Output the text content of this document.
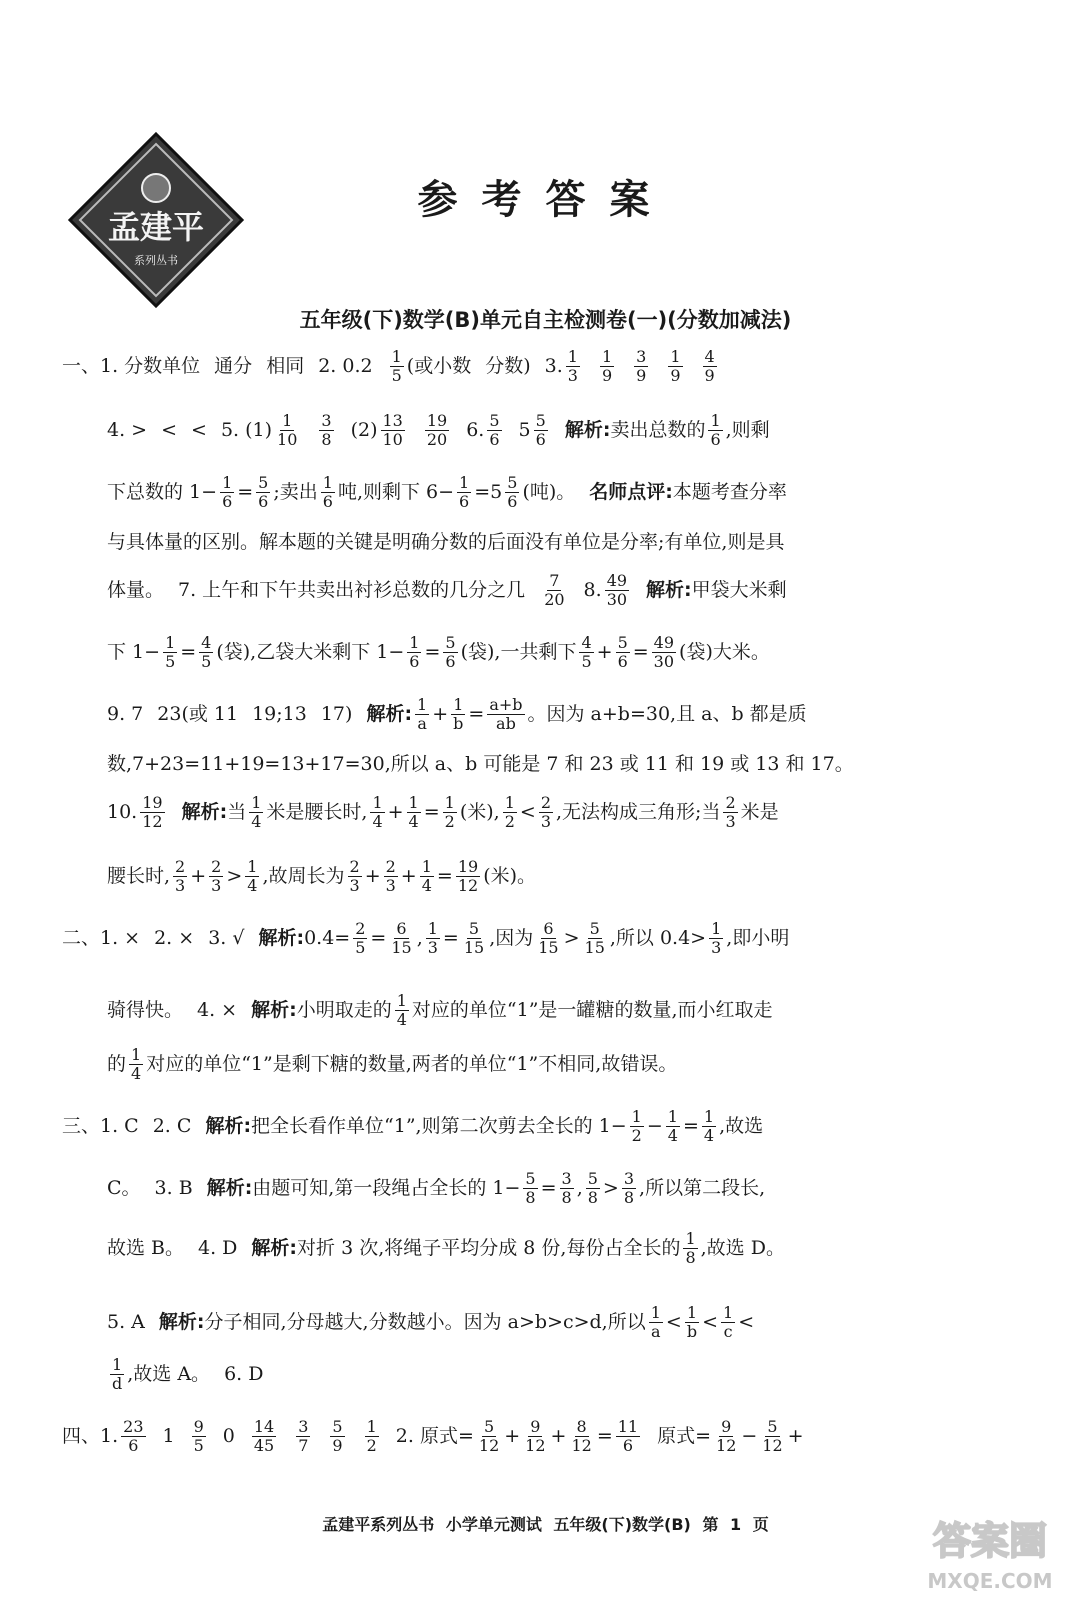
孟建平
系列丛书
参考答案
五年级(下)数学(B)单元自主检测卷(一)(分数加减法)
一、1. 分数单位 通分 相同 2. $0.2 \frac{1}{5}$ (或小数 分数) 3. $\frac{1}{3} \frac{1}{9} \frac{3}{9} \frac{1}{9} \frac{4}{9}$
4. > < < 5. $(1) \frac{1}{10} \frac{3}{8} (2) \frac{13}{10} \frac{19}{20} 6$. $\frac{5}{6} 5 \frac{5}{6}$ 解析: 卖出总数的 $\frac{1}{6}$ ,则剩
下总数的 $1- \frac{1}{6} = \frac{5}{6}$ ;卖出 $\frac{1}{6}$ 吨,则剩下 $6- \frac{1}{6} =5 \frac{5}{6}$ (吨)。 名师点评: 本题考查分率
与具体量的区别。解本题的关键是明确分数的后面没有单位是分率;有单位,则是具
体量。 7. 上午和下午共卖出衬衫总数的几分之几 $\frac{7}{20} 8$. $\frac{49}{30}$ 解析: 甲袋大米剩
下 $1- \frac{1}{5} = \frac{4}{5}$ (袋),乙袋大米剩下 $1- \frac{1}{6} = \frac{5}{6}$ (袋),一共剩下 $\frac{4}{5} + \frac{5}{6} = \frac{49}{30}$ (袋)大米。
9. 7 23(或 11 19;13 17) 解析: $\frac{1}{a} + \frac{1}{b} = \frac{a+b}{ab}$ 。因为 a+b=30,且 a、b 都是质
数,7+23=11+19=13+17=30,所以 a、b 可能是 7 和 23 或 11 和 19 或 13 和 17。
10. $\frac{19}{12}$ 解析: 当 $\frac{1}{4}$ 米是腰长时, $\frac{1}{4} + \frac{1}{4} = \frac{1}{2}$ (米), $\frac{1}{2} < \frac{2}{3}$ ,无法构成三角形;当 $\frac{2}{3}$ 米是
腰长时, $\frac{2}{3} + \frac{2}{3} > \frac{1}{4}$ ,故周长为 $\frac{2}{3} + \frac{2}{3} + \frac{1}{4} = \frac{19}{12}$ (米)。
二、1. × 2. × 3. √ 解析: $0.4= \frac{2}{5} = \frac{6}{15}$ , $\frac{1}{3} = \frac{5}{15}$ ,因为 $\frac{6}{15} > \frac{5}{15}$ ,所以 $0.4> \frac{1}{3}$ ,即小明
骑得快。 4. × 解析: 小明取走的 $\frac{1}{4}$ 对应的单位“1”是一罐糖的数量,而小红取走
的 $\frac{1}{4}$ 对应的单位“1”是剩下糖的数量,两者的单位“1”不相同,故错误。
三、1. C 2. C 解析: 把全长看作单位“1”,则第二次剪去全长的 $1- \frac{1}{2} - \frac{1}{4} = \frac{1}{4}$ ,故选
C。 3. B 解析: 由题可知,第一段绳占全长的 $1- \frac{5}{8} = \frac{3}{8}$ , $\frac{5}{8} > \frac{3}{8}$ ,所以第二段长,
故选 B。 4. D 解析: 对折 3 次,将绳子平均分成 8 份,每份占全长的 $\frac{1}{8}$ ,故选 D。
5. A 解析: 分子相同,分母越大,分数越小。因为 a>b>c>d,所以 $\frac{1}{a} < \frac{1}{b} < \frac{1}{c}$ <
$\frac{1}{d}$ ,故选 A。 6. D
四、1. $\frac{23}{6} 1 \frac{9}{5} 0 \frac{14}{45} \frac{3}{7} \frac{5}{9} \frac{1}{2} 2$. 原式= $\frac{5}{12} + \frac{9}{12} + \frac{8}{12} = \frac{11}{6}$ 原式= $\frac{9}{12} - \frac{5}{12}$ +
孟建平系列丛书 小学单元测试 五年级(下)数学(B) 第 1 页	答案圈
MXQE.COM
